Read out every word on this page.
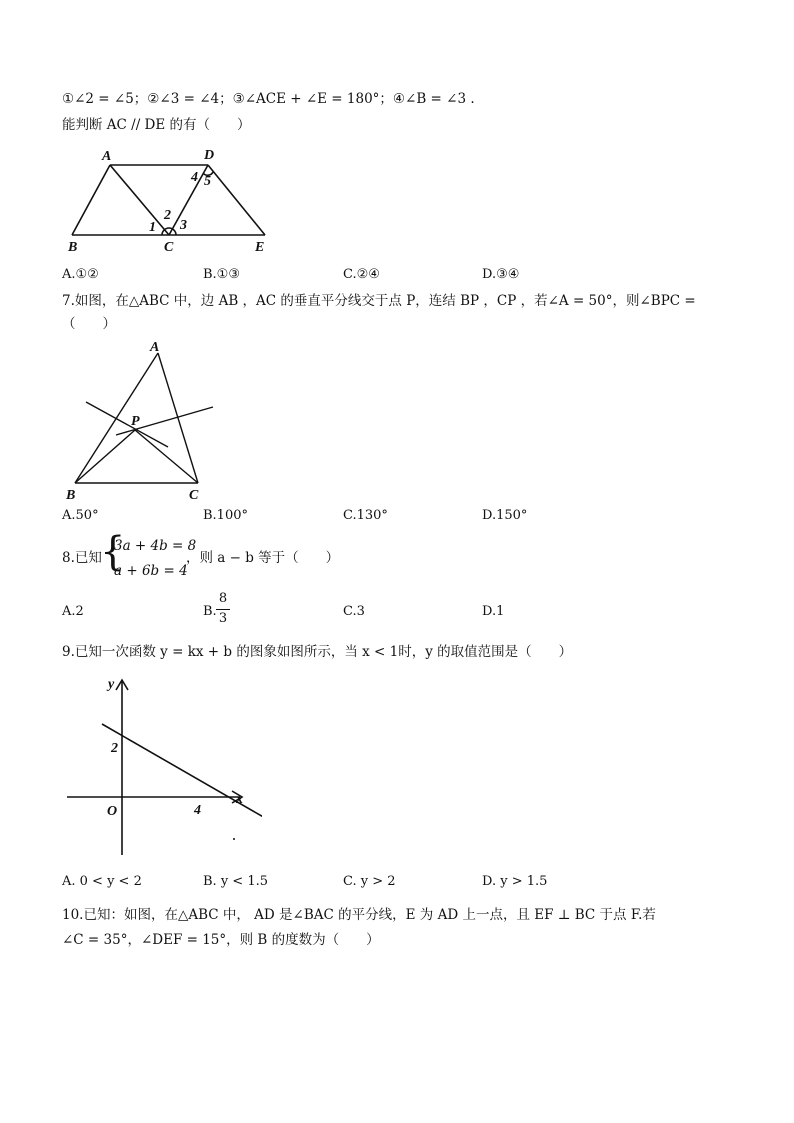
①∠2 = ∠5；②∠3 = ∠4；③∠ACE + ∠E = 180°；④∠B = ∠3 .
能判断 AC // DE 的有（　　）
A	D
4 5
2
1 3
B	C	E
A.①②	B.①③	C.②④	D.③④
7.如图，在△ABC 中，边 AB ，AC 的垂直平分线交于点 P，连结 BP ，CP ，若∠A = 50°，则∠BPC =
（　　）
A
P
B	C
A.50°	B.100°	C.130°	D.150°
8.已知
{
3a + 4b = 8
a + 6b = 4
，则 a − b 等于（　　）
A.2	B.
8
3	C.3	D.1
9.已知一次函数 y = kx + b 的图象如图所示，当 x < 1时，y 的取值范围是（　　）
y
2
O	4
x
A. 0 < y < 2	B. y < 1.5	C. y > 2	D. y > 1.5
10.已知：如图，在△ABC 中， AD 是∠BAC 的平分线，E 为 AD 上一点，且 EF ⊥ BC 于点 F.若
∠C = 35°，∠DEF = 15°，则 B 的度数为（　　）
